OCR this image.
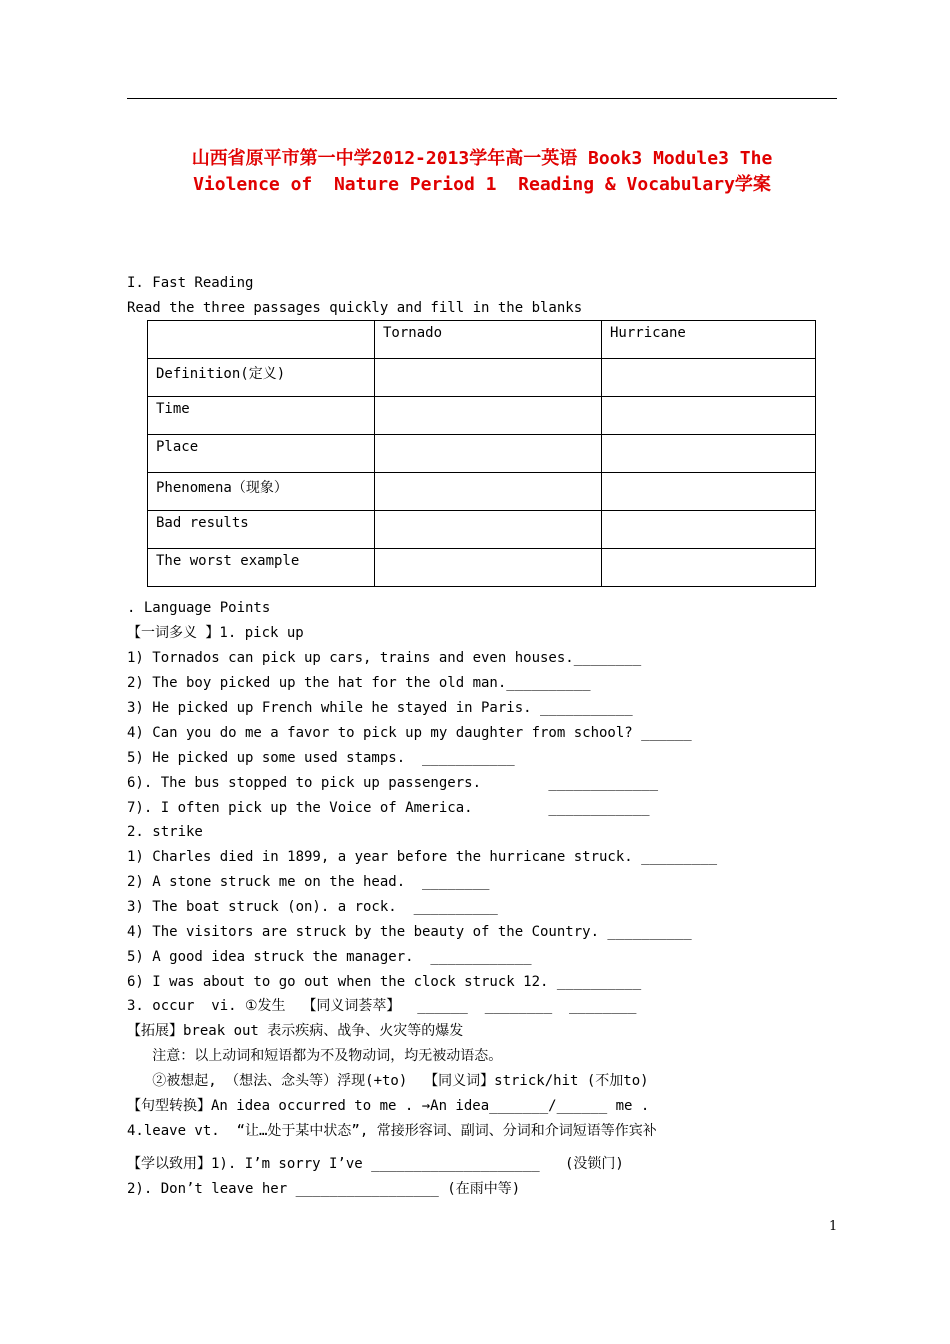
山西省原平市第一中学2012-2013学年高一英语 Book3 Module3 The
Violence of  Nature Period 1  Reading & Vocabulary学案
I. Fast Reading
Read the three passages quickly and fill in the blanks
	Tornado	Hurricane
Definition(定义)		
Time		
Place		
Phenomena（现象）		
Bad results		
The worst example		
. Language Points
【一词多义 】1. pick up
1) Tornados can pick up cars, trains and even houses.________
2) The boy picked up the hat for the old man.__________
3) He picked up French while he stayed in Paris. ___________
4) Can you do me a favor to pick up my daughter from school? ______
5) He picked up some used stamps.  ___________
6). The bus stopped to pick up passengers.        _____________
7). I often pick up the Voice of America.         ____________
2. strike
1) Charles died in 1899, a year before the hurricane struck. _________
2) A stone struck me on the head.  ________
3) The boat struck (on). a rock.  __________
4) The visitors are struck by the beauty of the Country. __________
5) A good idea struck the manager.  ____________
6) I was about to go out when the clock struck 12. __________
3. occur  vi. ①发生  【同义词荟萃】  ______  ________  ________
【拓展】break out 表示疾病、战争、火灾等的爆发
注意：以上动词和短语都为不及物动词，均无被动语态。
②被想起, （想法、念头等）浮现(+to)  【同义词】strick/hit (不加to)
【句型转换】An idea occurred to me . →An idea_______/______ me .
4.leave vt.  “让…处于某中状态”, 常接形容词、副词、分词和介词短语等作宾补
【学以致用】1). I’m sorry I’ve ____________________   (没锁门)
2). Don’t leave her _________________ (在雨中等)
1
